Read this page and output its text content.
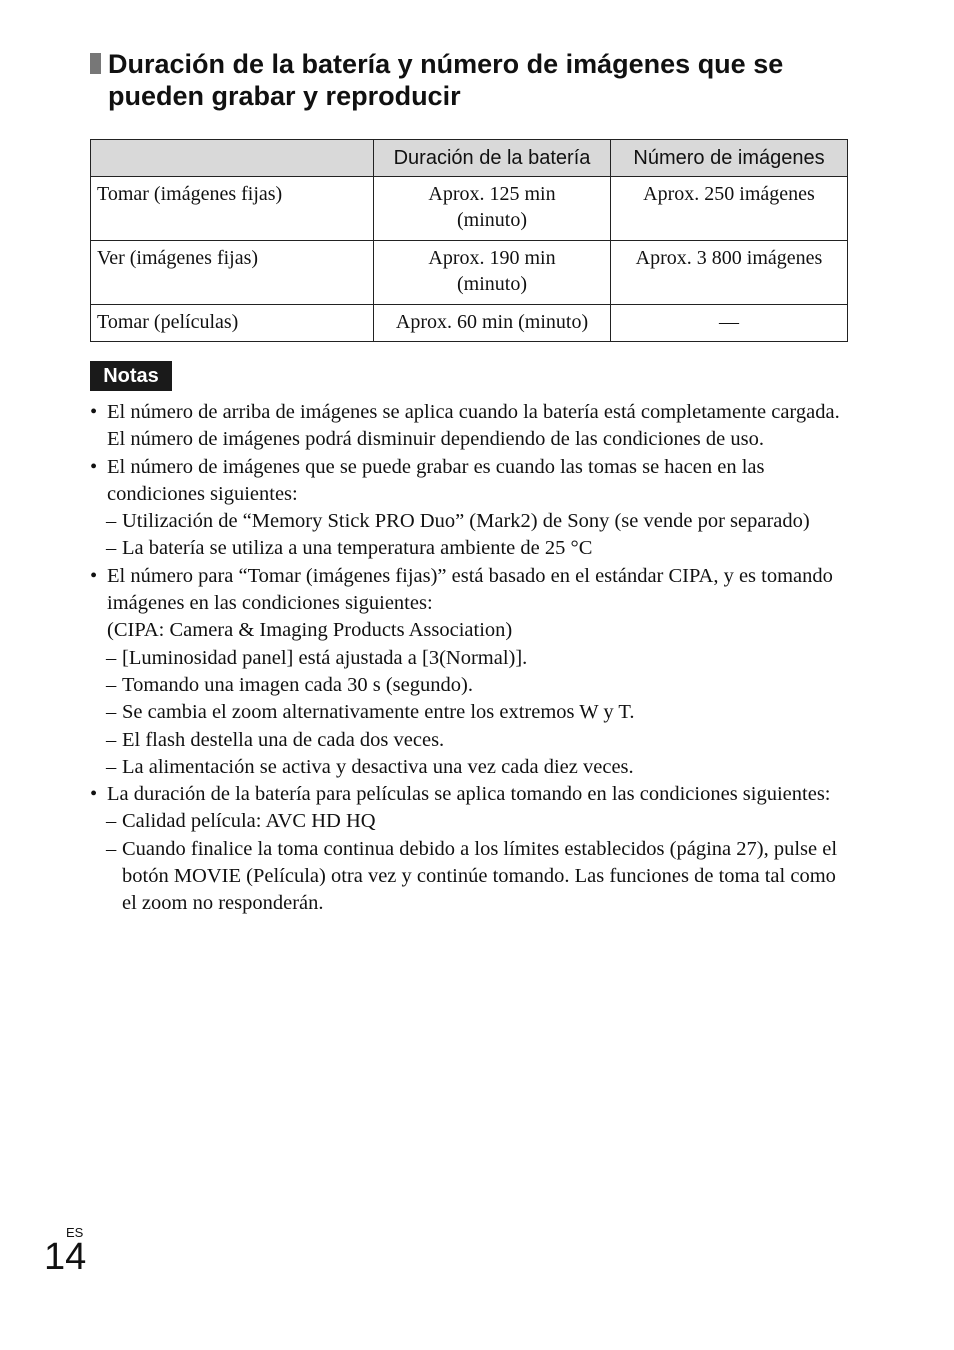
Duración de la batería y número de imágenes que se
pueden grabar y reproducir
	Duración de la batería	Número de imágenes
Tomar (imágenes fijas)	Aprox. 125 min (minuto)	Aprox. 250 imágenes
Ver (imágenes fijas)	Aprox. 190 min (minuto)	Aprox. 3 800 imágenes
Tomar (películas)	Aprox. 60 min (minuto)	—
Notas
• El número de arriba de imágenes se aplica cuando la batería está completamente cargada. El número de imágenes podrá disminuir dependiendo de las condiciones de uso.
• El número de imágenes que se puede grabar es cuando las tomas se hacen en las condiciones siguientes:
– Utilización de “Memory Stick PRO Duo” (Mark2) de Sony (se vende por separado)
– La batería se utiliza a una temperatura ambiente de 25 °C
• El número para “Tomar (imágenes fijas)” está basado en el estándar CIPA, y es tomando imágenes en las condiciones siguientes:
(CIPA: Camera & Imaging Products Association)
– [Luminosidad panel] está ajustada a [3(Normal)].
– Tomando una imagen cada 30 s (segundo).
– Se cambia el zoom alternativamente entre los extremos W y T.
– El flash destella una de cada dos veces.
– La alimentación se activa y desactiva una vez cada diez veces.
• La duración de la batería para películas se aplica tomando en las condiciones siguientes:
– Calidad película: AVC HD HQ
– Cuando finalice la toma continua debido a los límites establecidos (página 27), pulse el botón MOVIE (Película) otra vez y continúe tomando. Las funciones de toma tal como el zoom no responderán.
ES
14
